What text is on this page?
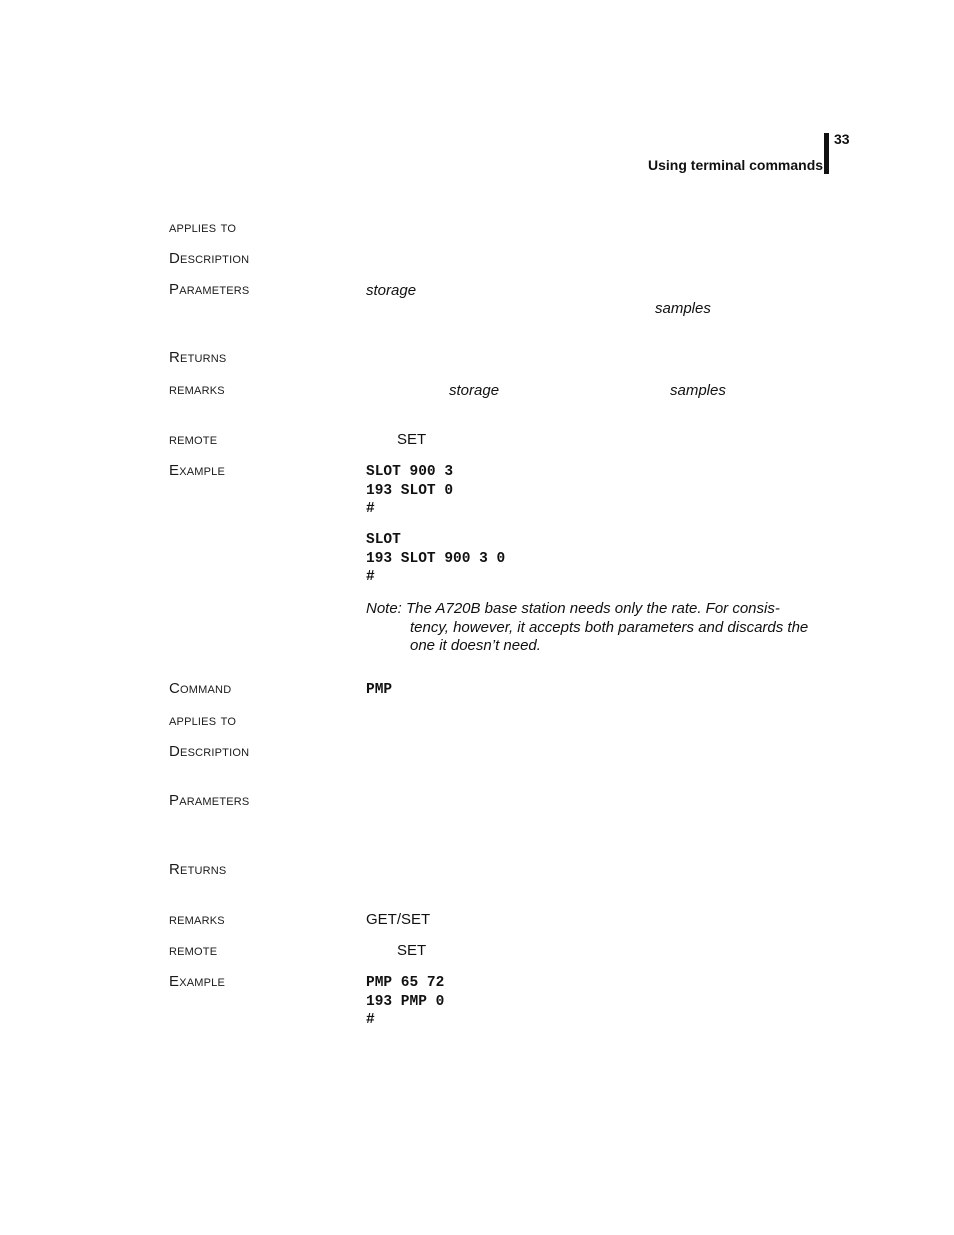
33
Using terminal commands
applies to
Description
Parameters	storage
samples
Returns
remarks	storage	samples
remote	SET
Example	SLOT 900 3
193 SLOT 0
#
SLOT
193 SLOT 900 3 0
#
Note: The A720B base station needs only the rate. For consis-
tency, however, it accepts both parameters and discards the
one it doesn’t need.
Command	PMP
applies to
Description
Parameters
Returns
remarks	GET/SET
remote	SET
Example	PMP 65 72
193 PMP 0
#
